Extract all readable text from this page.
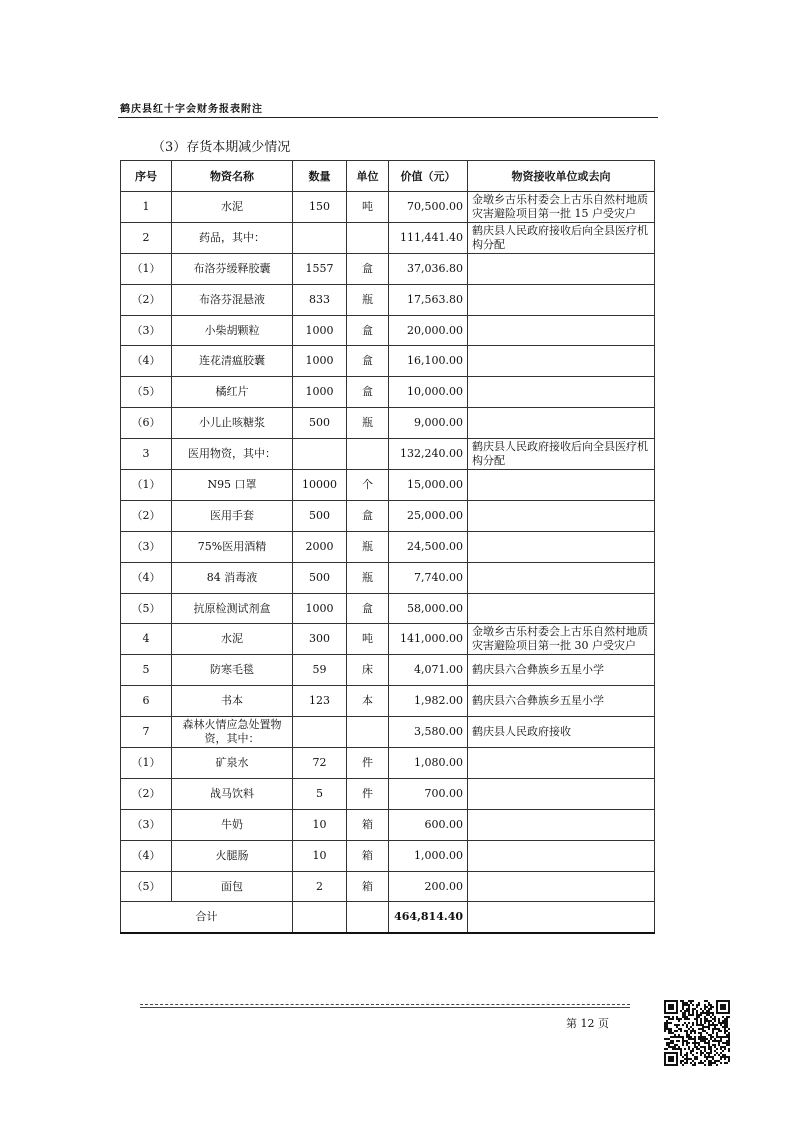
鹤庆县红十字会财务报表附注
（3）存货本期减少情况
序号	物资名称	数量	单位	价值（元）	物资接收单位或去向
1	水泥	150	吨	70,500.00	金墩乡古乐村委会上古乐自然村地质灾害避险项目第一批 15 户受灾户
2	药品，其中：			111,441.40	鹤庆县人民政府接收后向全县医疗机构分配
（1）	布洛芬缓释胶囊	1557	盒	37,036.80	
（2）	布洛芬混悬液	833	瓶	17,563.80	
（3）	小柴胡颗粒	1000	盒	20,000.00	
（4）	连花清瘟胶囊	1000	盒	16,100.00	
（5）	橘红片	1000	盒	10,000.00	
（6）	小儿止咳糖浆	500	瓶	9,000.00	
3	医用物资，其中：			132,240.00	鹤庆县人民政府接收后向全县医疗机构分配
（1）	N95 口罩	10000	个	15,000.00	
（2）	医用手套	500	盒	25,000.00	
（3）	75%医用酒精	2000	瓶	24,500.00	
（4）	84 消毒液	500	瓶	7,740.00	
（5）	抗原检测试剂盒	1000	盒	58,000.00	
4	水泥	300	吨	141,000.00	金墩乡古乐村委会上古乐自然村地质灾害避险项目第一批 30 户受灾户
5	防寒毛毯	59	床	4,071.00	鹤庆县六合彝族乡五星小学
6	书本	123	本	1,982.00	鹤庆县六合彝族乡五星小学
7	森林火情应急处置物资，其中：			3,580.00	鹤庆县人民政府接收
（1）	矿泉水	72	件	1,080.00	
（2）	战马饮料	5	件	700.00	
（3）	牛奶	10	箱	600.00	
（4）	火腿肠	10	箱	1,000.00	
（5）	面包	2	箱	200.00	
合计				464,814.40	
第 12 页
